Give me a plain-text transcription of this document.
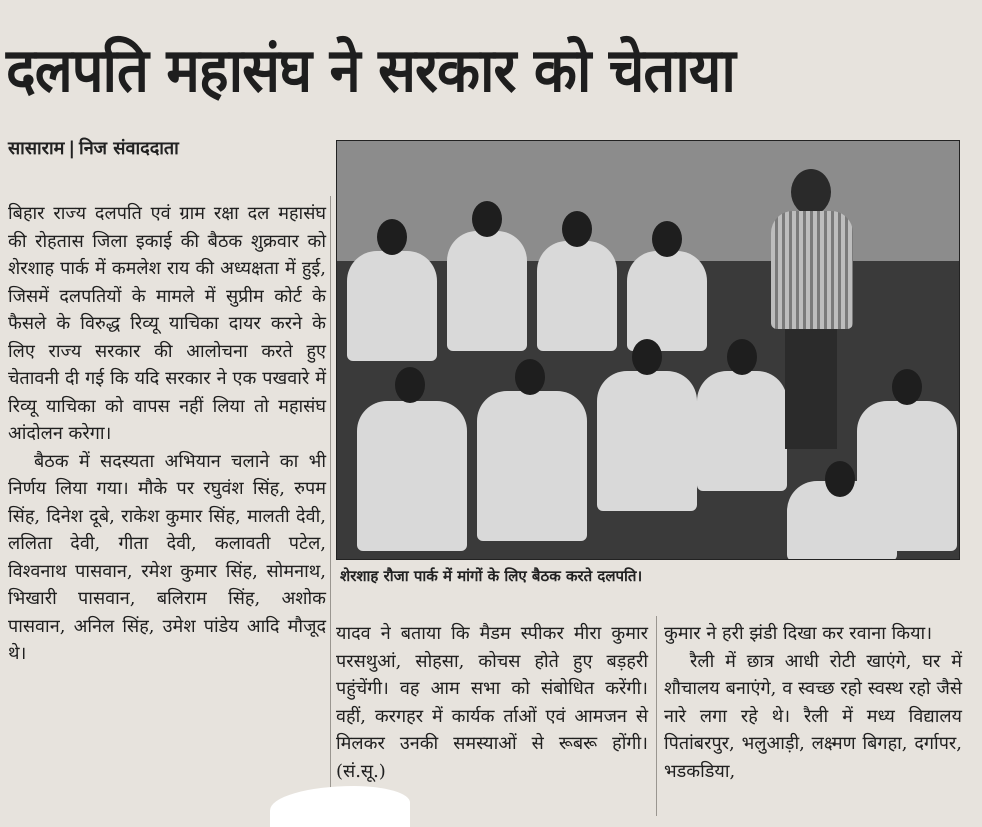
दलपति महासंघ ने सरकार को चेताया
सासाराम | निज संवाददाता

बिहार राज्य दलपति एवं ग्राम रक्षा दल महासंघ की रोहतास जिला इकाई की बैठक शुक्रवार को शेरशाह पार्क में कमलेश राय की अध्यक्षता में हुई, जिसमें दलपतियों के मामले में सुप्रीम कोर्ट के फैसले के विरुद्ध रिव्यू याचिका दायर करने के लिए राज्य सरकार की आलोचना करते हुए चेतावनी दी गई कि यदि सरकार ने एक पखवारे में रिव्यू याचिका को वापस नहीं लिया तो महासंघ आंदोलन करेगा।

बैठक में सदस्यता अभियान चलाने का भी निर्णय लिया गया। मौके पर रघुवंश सिंह, रुपम सिंह, दिनेश दूबे, राकेश कुमार सिंह, मालती देवी, ललिता देवी, गीता देवी, कलावती पटेल, विश्वनाथ पासवान, रमेश कुमार सिंह, सोमनाथ, भिखारी पासवान, बलिराम सिंह, अशोक पासवान, अनिल सिंह, उमेश पांडेय आदि मौजूद थे।

शेरशाह रौजा पार्क में मांगों के लिए बैठक करते दलपति।

यादव ने बताया कि मैडम स्पीकर मीरा कुमार परसथुआं, सोहसा, कोचस होते हुए बड़हरी पहुंचेंगी। वह आम सभा को संबोधित करेंगी। वहीं, करगहर में कार्यक र्ताओं एवं आमजन से मिलकर उनकी समस्याओं से रूबरू होंगी। (सं.सू.)

कुमार ने हरी झंडी दिखा कर रवाना किया।

रैली में छात्र आधी रोटी खाएंगे, घर में शौचालय बनाएंगे, व स्वच्छ रहो स्वस्थ रहो जैसे नारे लगा रहे थे। रैली में मध्य विद्यालय पितांबरपुर, भलुआड़ी, लक्ष्मण बिगहा, दर्गापर, भडकडिया,
